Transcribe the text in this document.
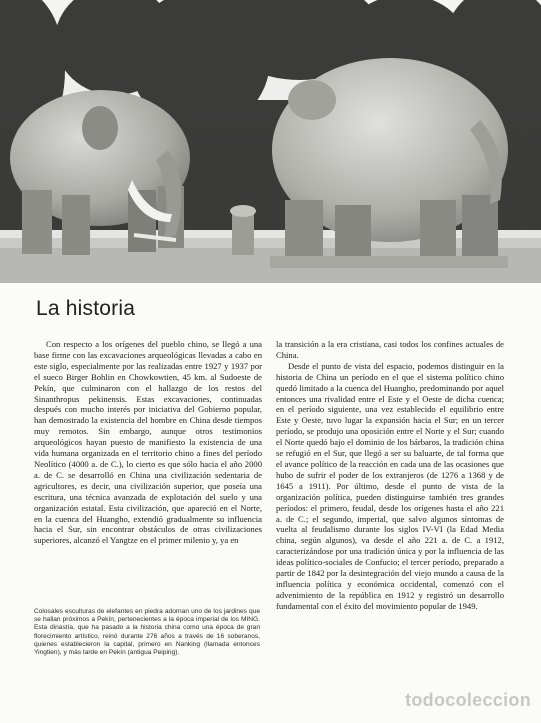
La historia

Con respecto a los orígenes del pueblo chino, se llegó a una base firme con las excavaciones arqueológicas llevadas a cabo en este siglo, especialmente por las realizadas entre 1927 y 1937 por el sueco Birger Bohlin en Chowkowtien, 45 km. al Sudoeste de Pekín, que culminaron con el hallazgo de los restos del Sinanthropus pekinensis. Estas excavaciones, continuadas después con mucho interés por iniciativa del Gobierno popular, han demostrado la existencia del hombre en China desde tiempos muy remotos. Sin embargo, aunque otros testimonios arqueológicos hayan puesto de manifiesto la existencia de una vida humana organizada en el territorio chino a fines del período Neolítico (4000 a. de C.), lo cierto es que sólo hacia el año 2000 a. de C. se desarrolló en China una civilización sedentaria de agricultores, es decir, una civilización superior, que poseía una escritura, una técnica avanzada de explotación del suelo y una organización estatal. Esta civilización, que apareció en el Norte, en la cuenca del Huangho, extendió gradualmente su influencia hacia el Sur, sin encontrar obstáculos de otras civilizaciones superiores, alcanzó el Yangtze en el primer milenio y, ya en

la transición a la era cristiana, casi todos los confines actuales de China.

Desde el punto de vista del espacio, podemos distinguir en la historia de China un período en el que el sistema político chino quedó limitado a la cuenca del Huangho, predominando por aquel entonces una rivalidad entre el Este y el Oeste de dicha cuenca; en el período siguiente, una vez establecido el equilibrio entre Este y Oeste, tuvo lugar la expansión hacia el Sur; en un tercer período, se produjo una oposición entre el Norte y el Sur; cuando el Norte quedó bajo el dominio de los bárbaros, la tradición china se refugió en el Sur, que llegó a ser su baluarte, de tal forma que el avance político de la reacción en cada una de las ocasiones que hubo de sufrir el poder de los extranjeros (de 1276 a 1368 y de 1645 a 1911). Por último, desde el punto de vista de la organización política, pueden distinguirse también tres grandes períodos: el primero, feudal, desde los orígenes hasta el año 221 a. de C.; el segundo, imperial, que salvo algunos síntomas de vuelta al feudalismo durante los siglos IV-VI (la Edad Media china, según algunos), va desde el año 221 a. de C. a 1912, caracterizándose por una tradición única y por la influencia de las ideas político-sociales de Confucio; el tercer período, preparado a partir de 1842 por la desintegración del viejo mundo a causa de la influencia política y económica occidental, comenzó con el advenimiento de la república en 1912 y registró un desarrollo fundamental con el éxito del movimiento popular de 1949.

Colosales esculturas de elefantes en piedra adornan uno de los jardines que se hallan próximos a Pekín, pertenecientes a la época imperial de los MING. Esta dinastía, que ha pasado a la historia china como una época de gran florecimiento artístico, reinó durante 276 años a través de 16 soberanos, quienes establecieron la capital, primero en Nanking (llamada entonces Yingtien), y más tarde en Pekín (antigua Peiping).
todocoleccion
